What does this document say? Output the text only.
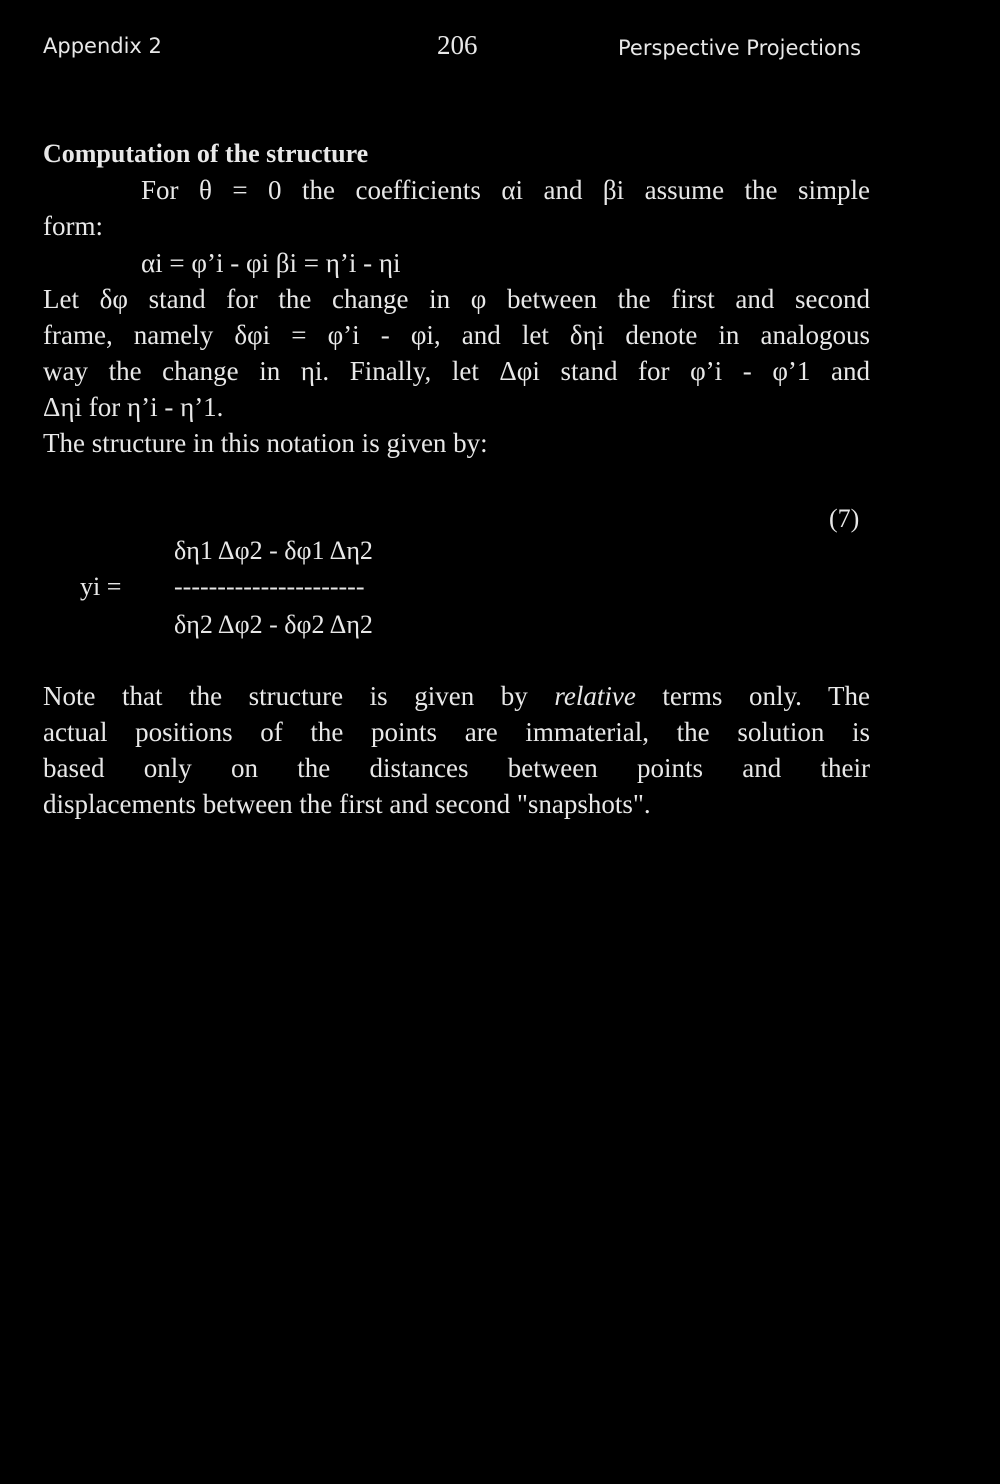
Appendix 2	206	Perspective Projections
Computation of the structure
For θ = 0 the coefficients αi and βi assume the simple
form:
αi = φ’i - φi βi = η’i - ηi
Let δφ stand for the change in φ between the first and second
frame, namely δφi = φ’i - φi, and let δηi denote in analogous
way the change in ηi. Finally, let Δφi stand for φ’i - φ’1 and
Δηi for η’i - η’1.
The structure in this notation is given by:
(7)
yi =
δη1 Δφ2 - δφ1 Δη2
----------------------
δη2 Δφ2 - δφ2 Δη2
Note that the structure is given by relative terms only. The
actual positions of the points are immaterial, the solution is
based only on the distances between points and their
displacements between the first and second "snapshots".
